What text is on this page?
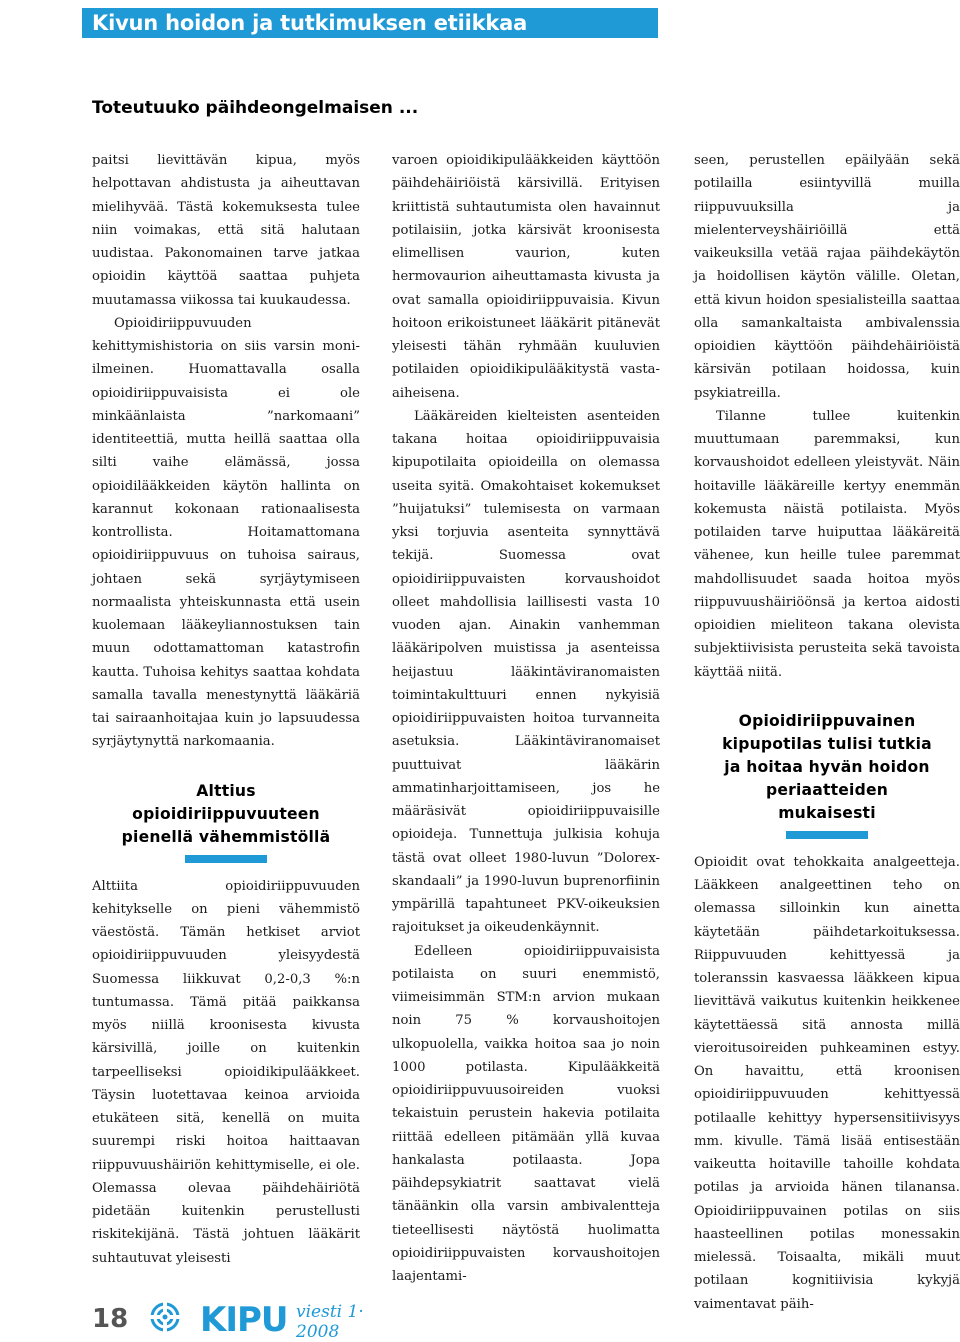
Kivun hoidon ja tutkimuksen etiikkaa
Toteutuuko päihdeongelmaisen ...

paitsi lievittävän kipua, myös helpottavan ahdistusta ja aiheuttavan mielihyvää. Tästä kokemuksesta tulee niin voimakas, että sitä halutaan uudistaa. Pakonomainen tarve jatkaa opioidin käyttöä saattaa puhjeta muutamassa viikossa tai kuukaudessa.

Opioidiriippuvuuden kehittymishistoria on siis varsin moni-ilmeinen. Huomattavalla osalla opioidiriippuvaisista ei ole minkäänlaista ”narkomaani” identiteettiä, mutta heillä saattaa olla silti vaihe elämässä, jossa opioidilääkkeiden käytön hallinta on karannut kokonaan rationaalisesta kontrollista. Hoitamattomana opioidiriippuvuus on tuhoisa sairaus, johtaen sekä syrjäytymiseen normaalista yhteiskunnasta että usein kuolemaan lääkeyliannostuksen tain muun odottamattoman katastrofin kautta. Tuhoisa kehitys saattaa kohdata samalla tavalla menestynyttä lääkäriä tai sairaanhoitajaa kuin jo lapsuudessa syrjäytynyttä narkomaania.

Alttius
opioidiriippuvuuteen
pienellä vähemmistöllä

Alttiita opioidiriippuvuuden kehitykselle on pieni vähemmistö väestöstä. Tämän hetkiset arviot opioidiriippuvuuden yleisyydestä Suomessa liikkuvat 0,2-0,3 %:n tuntumassa. Tämä pitää paikkansa myös niillä kroonisesta kivusta kärsivillä, joille on kuitenkin tarpeelliseksi opioidikipulääkkeet. Täysin luotettavaa keinoa arvioida etukäteen sitä, kenellä on muita suurempi riski hoitoa haittaavan riippuvuushäiriön kehittymiselle, ei ole. Olemassa olevaa päihdehäiriötä pidetään kuitenkin perustellusti riskitekijänä. Tästä johtuen lääkärit suhtautuvat yleisesti

varoen opioidikipulääkkeiden käyttöön päihdehäiriöistä kärsivillä. Erityisen kriittistä suhtautumista olen havainnut potilaisiin, jotka kärsivät kroonisesta elimellisen vaurion, kuten hermovaurion aiheuttamasta kivusta ja ovat samalla opioidiriippuvaisia. Kivun hoitoon erikoistuneet lääkärit pitänevät yleisesti tähän ryhmään kuuluvien potilaiden opioidikipulääkitystä vasta-aiheisena.

Lääkäreiden kielteisten asenteiden takana hoitaa opioidiriippuvaisia kipupotilaita opioideilla on olemassa useita syitä. Omakohtaiset kokemukset ”huijatuksi” tulemisesta on varmaan yksi torjuvia asenteita synnyttävä tekijä. Suomessa ovat opioidiriippuvaisten korvaushoidot olleet mahdollisia laillisesti vasta 10 vuoden ajan. Ainakin vanhemman lääkäripolven muistissa ja asenteissa heijastuu lääkintäviranomaisten toimintakulttuuri ennen nykyisiä opioidiriippuvaisten hoitoa turvanneita asetuksia. Lääkintäviranomaiset puuttuivat lääkärin ammatinharjoittamiseen, jos he määräsivät opioidiriippuvaisille opioideja. Tunnettuja julkisia kohuja tästä ovat olleet 1980-luvun ”Dolorex-skandaali” ja 1990-luvun buprenorfiinin ympärillä tapahtuneet PKV-oikeuksien rajoitukset ja oikeudenkäynnit.

Edelleen opioidiriippuvaisista potilaista on suuri enemmistö, viimeisimmän STM:n arvion mukaan noin 75 % korvaushoitojen ulkopuolella, vaikka hoitoa saa jo noin 1000 potilasta. Kipulääkkeitä opioidiriippuvuusoireiden vuoksi tekaistuin perustein hakevia potilaita riittää edelleen pitämään yllä kuvaa hankalasta potilaasta. Jopa päihdepsykiatrit saattavat vielä tänäänkin olla varsin ambivalentteja tieteellisesti näytöstä huolimatta opioidiriippuvaisten korvaushoitojen laajentami-

seen, perustellen epäilyään sekä potilailla esiintyvillä muilla riippuvuuksilla ja mielenterveyshäiriöillä että vaikeuksilla vetää rajaa päihdekäytön ja hoidollisen käytön välille. Oletan, että kivun hoidon spesialisteilla saattaa olla samankaltaista ambivalenssia opioidien käyttöön päihdehäiriöistä kärsivän potilaan hoidossa, kuin psykiatreilla.

Tilanne tullee kuitenkin muuttumaan paremmaksi, kun korvaushoidot edelleen yleistyvät. Näin hoitaville lääkäreille kertyy enemmän kokemusta näistä potilaista. Myös potilaiden tarve huiputtaa lääkäreitä vähenee, kun heille tulee paremmat mahdollisuudet saada hoitoa myös riippuvuushäiriöönsä ja kertoa aidosti opioidien mieliteon takana olevista subjektiivisista perusteita sekä tavoista käyttää niitä.

Opioidiriippuvainen
kipupotilas tulisi tutkia
ja hoitaa hyvän hoidon
periaatteiden
mukaisesti

Opioidit ovat tehokkaita analgeetteja. Lääkkeen analgeettinen teho on olemassa silloinkin kun ainetta käytetään päihdetarkoituksessa. Riippuvuuden kehittyessä ja toleranssin kasvaessa lääkkeen kipua lievittävä vaikutus kuitenkin heikkenee käytettäessä sitä annosta millä vieroitusoireiden puhkeaminen estyy. On havaittu, että kroonisen opioidiriippuvuuden kehittyessä potilaalle kehittyy hypersensitiivisyys mm. kivulle. Tämä lisää entisestään vaikeutta hoitaville tahoille kohdata potilas ja arvioida hänen tilanansa. Opioidiriippuvainen potilas on siis haasteellinen potilas monessakin mielessä. Toisaalta, mikäli muut potilaan kognitiivisia kykyjä vaimentavat päih-

18 KIPU viesti 1· 2008
